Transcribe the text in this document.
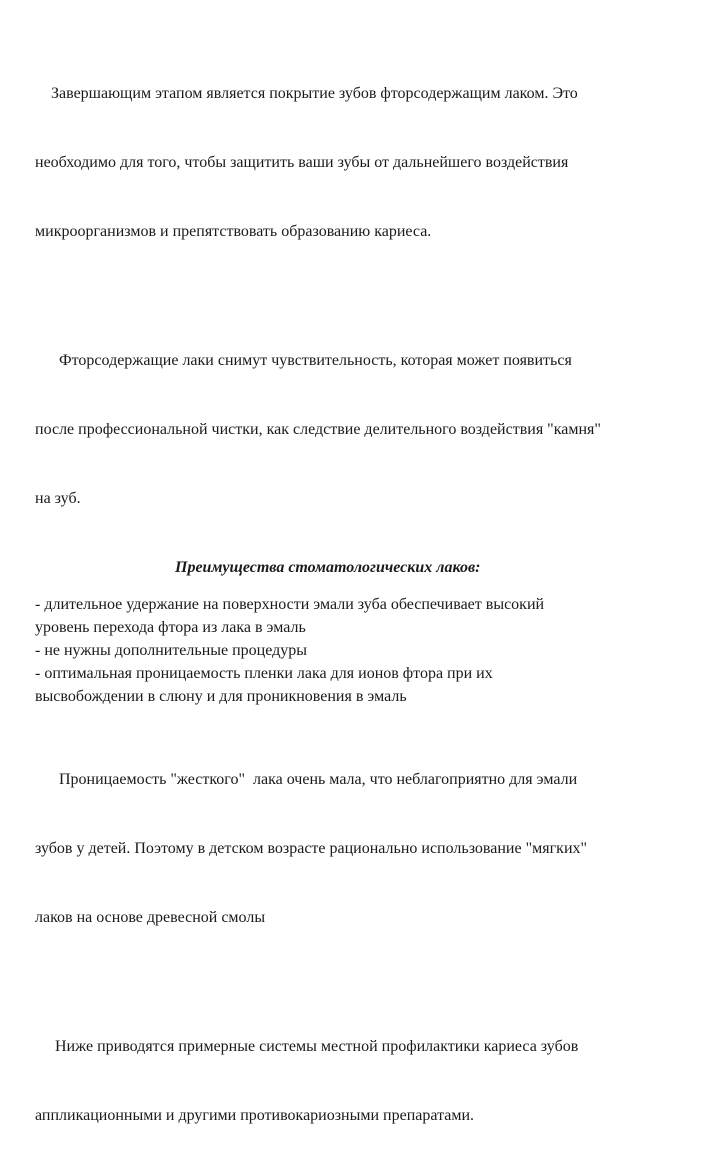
Завершающим этапом является покрытие зубов фторсодержащим лаком. Это

необходимо для того, чтобы защитить ваши зубы от дальнейшего воздействия

микроорганизмов и препятствовать образованию кариеса.

Фторсодержащие лаки снимут чувствительность, которая может появиться

после профессиональной чистки, как следствие делительного воздействия "камня"

на зуб.

Преимущества стоматологических лаков:
- длительное удержание на поверхности эмали зуба обеспечивает высокий
уровень перехода фтора из лака в эмаль
- не нужны дополнительные процедуры
- оптимальная проницаемость пленки лака для ионов фтора при их
высвобождении в слюну и для проникновения в эмаль

Проницаемость "жесткого"  лака очень мала, что неблагоприятно для эмали

зубов у детей. Поэтому в детском возрасте рационально использование "мягких"

лаков на основе древесной смолы

Ниже приводятся примерные системы местной профилактики кариеса зубов

аппликационными и другими противокариозными препаратами.
